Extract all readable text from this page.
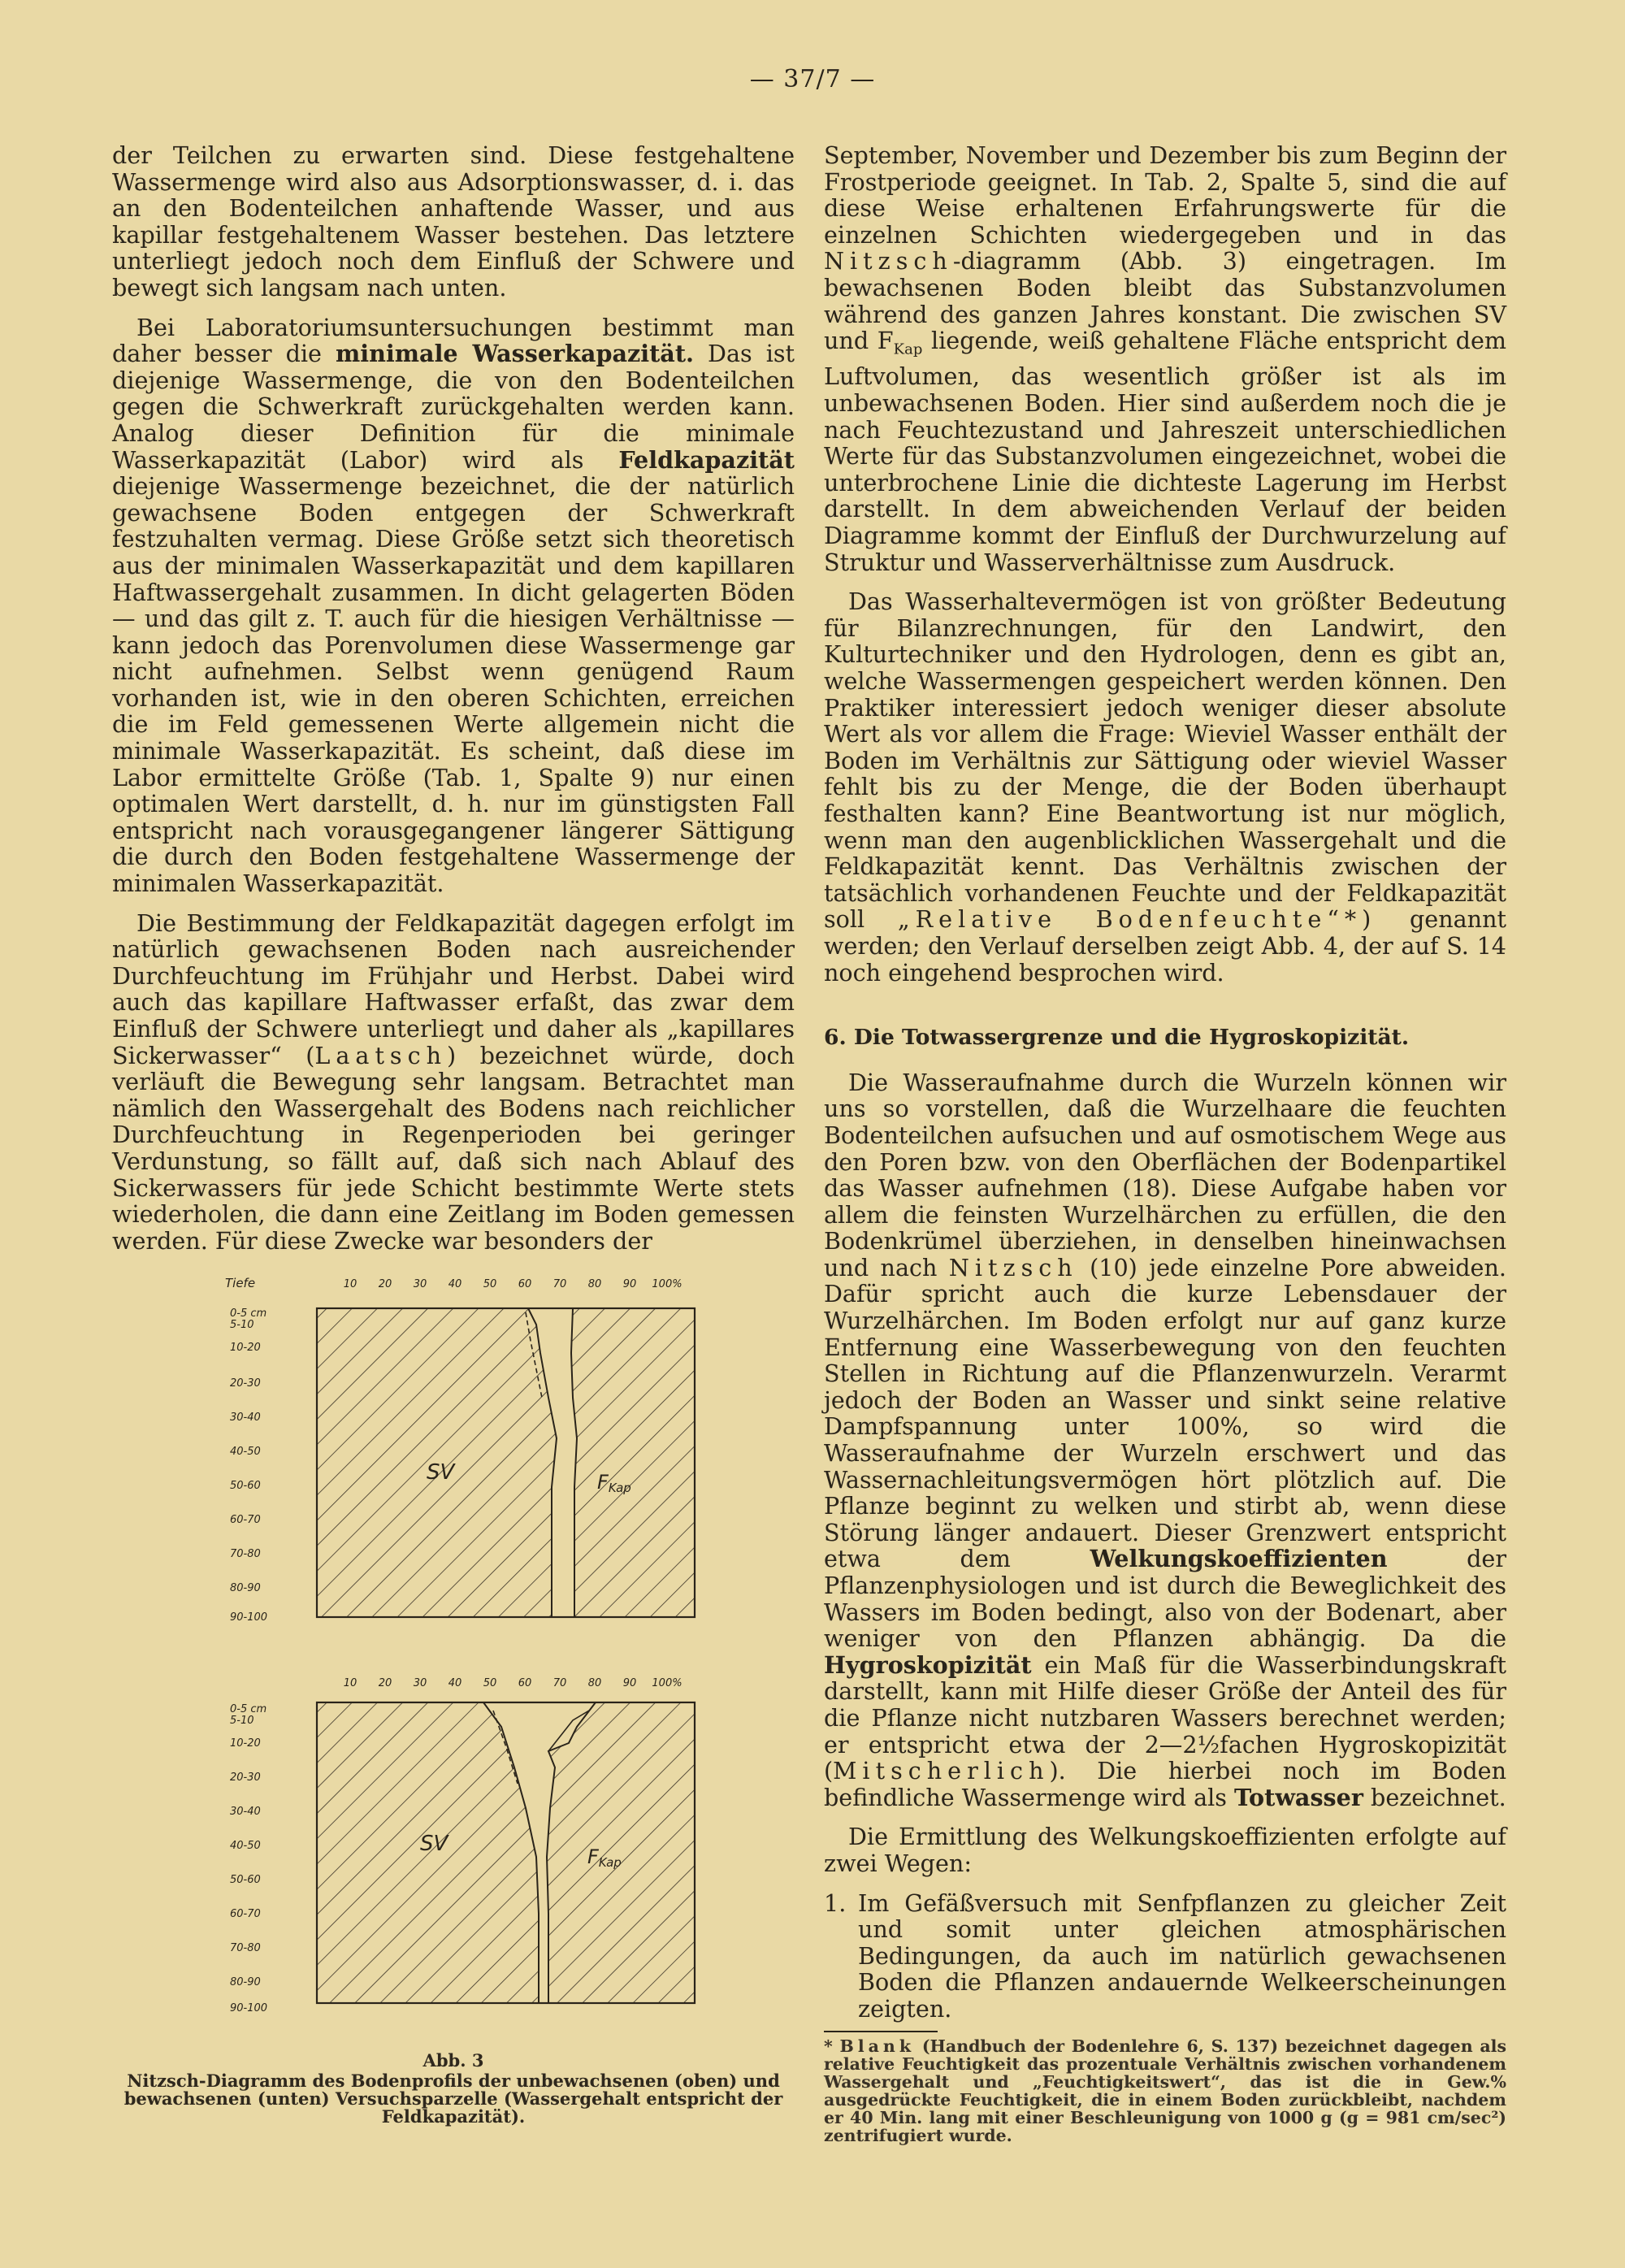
— 37/7 —

der Teilchen zu erwarten sind. Diese festgehaltene Wassermenge wird also aus Adsorptionswasser, d. i. das an den Bodenteilchen anhaftende Wasser, und aus kapillar festgehaltenem Wasser bestehen. Das letztere unterliegt jedoch noch dem Einfluß der Schwere und bewegt sich langsam nach unten.

Bei Laboratoriumsuntersuchungen bestimmt man daher besser die minimale Wasserkapazität. Das ist diejenige Wassermenge, die von den Bodenteilchen gegen die Schwerkraft zurückgehalten werden kann. Analog dieser Definition für die minimale Wasserkapazität (Labor) wird als Feldkapazität diejenige Wassermenge bezeichnet, die der natürlich gewachsene Boden entgegen der Schwerkraft festzuhalten vermag. Diese Größe setzt sich theoretisch aus der minimalen Wasserkapazität und dem kapillaren Haftwassergehalt zusammen. In dicht gelagerten Böden — und das gilt z. T. auch für die hiesigen Verhältnisse — kann jedoch das Porenvolumen diese Wassermenge gar nicht aufnehmen. Selbst wenn genügend Raum vorhanden ist, wie in den oberen Schichten, erreichen die im Feld gemessenen Werte allgemein nicht die minimale Wasserkapazität. Es scheint, daß diese im Labor ermittelte Größe (Tab. 1, Spalte 9) nur einen optimalen Wert darstellt, d. h. nur im günstigsten Fall entspricht nach vorausgegangener längerer Sättigung die durch den Boden festgehaltene Wassermenge der minimalen Wasserkapazität.

Die Bestimmung der Feldkapazität dagegen erfolgt im natürlich gewachsenen Boden nach ausreichender Durchfeuchtung im Frühjahr und Herbst. Dabei wird auch das kapillare Haftwasser erfaßt, das zwar dem Einfluß der Schwere unterliegt und daher als „kapillares Sickerwasser“ (Laatsch) bezeichnet würde, doch verläuft die Bewegung sehr langsam. Betrachtet man nämlich den Wassergehalt des Bodens nach reichlicher Durchfeuchtung in Regenperioden bei geringer Verdunstung, so fällt auf, daß sich nach Ablauf des Sickerwassers für jede Schicht bestimmte Werte stets wiederholen, die dann eine Zeitlang im Boden gemessen werden. Für diese Zwecke war besonders der

Tiefe	10 20 30 40 50 60 70 80 90 100%
0-5 cm
5-10
10-20
20-30
30-40
40-50
50-60
60-70
70-80
80-90
90-100
SV	FKap
10 20 30 40 50 60 70 80 90 100%
0-5 cm
5-10
10-20
20-30
30-40
40-50
50-60
60-70
70-80
80-90
90-100
SV
FKap
Abb. 3
Nitzsch-Diagramm des Bodenprofils der unbewachsenen (oben) und bewachsenen (unten) Versuchsparzelle (Wassergehalt entspricht der Feldkapazität).

September, November und Dezember bis zum Beginn der Frostperiode geeignet. In Tab. 2, Spalte 5, sind die auf diese Weise erhaltenen Erfahrungswerte für die einzelnen Schichten wiedergegeben und in das Nitzsch-diagramm (Abb. 3) eingetragen. Im bewachsenen Boden bleibt das Substanzvolumen während des ganzen Jahres konstant. Die zwischen SV und $F_{Kap}$ liegende, weiß gehaltene Fläche entspricht dem Luftvolumen, das wesentlich größer ist als im unbewachsenen Boden. Hier sind außerdem noch die je nach Feuchtezustand und Jahreszeit unterschiedlichen Werte für das Substanzvolumen eingezeichnet, wobei die unterbrochene Linie die dichteste Lagerung im Herbst darstellt. In dem abweichenden Verlauf der beiden Diagramme kommt der Einfluß der Durchwurzelung auf Struktur und Wasserverhältnisse zum Ausdruck.

Das Wasserhaltevermögen ist von größter Bedeutung für Bilanzrechnungen, für den Landwirt, den Kulturtechniker und den Hydrologen, denn es gibt an, welche Wassermengen gespeichert werden können. Den Praktiker interessiert jedoch weniger dieser absolute Wert als vor allem die Frage: Wieviel Wasser enthält der Boden im Verhältnis zur Sättigung oder wieviel Wasser fehlt bis zu der Menge, die der Boden überhaupt festhalten kann? Eine Beantwortung ist nur möglich, wenn man den augenblicklichen Wassergehalt und die Feldkapazität kennt. Das Verhältnis zwischen der tatsächlich vorhandenen Feuchte und der Feldkapazität soll „Relative Bodenfeuchte“*) genannt werden; den Verlauf derselben zeigt Abb. 4, der auf S. 14 noch eingehend besprochen wird.

6. Die Totwassergrenze und die Hygroskopizität.

Die Wasseraufnahme durch die Wurzeln können wir uns so vorstellen, daß die Wurzelhaare die feuchten Bodenteilchen aufsuchen und auf osmotischem Wege aus den Poren bzw. von den Oberflächen der Bodenpartikel das Wasser aufnehmen (18). Diese Aufgabe haben vor allem die feinsten Wurzelhärchen zu erfüllen, die den Bodenkrümel überziehen, in denselben hineinwachsen und nach Nitzsch (10) jede einzelne Pore abweiden. Dafür spricht auch die kurze Lebensdauer der Wurzelhärchen. Im Boden erfolgt nur auf ganz kurze Entfernung eine Wasserbewegung von den feuchten Stellen in Richtung auf die Pflanzenwurzeln. Verarmt jedoch der Boden an Wasser und sinkt seine relative Dampfspannung unter 100%, so wird die Wasseraufnahme der Wurzeln erschwert und das Wassernachleitungsvermögen hört plötzlich auf. Die Pflanze beginnt zu welken und stirbt ab, wenn diese Störung länger andauert. Dieser Grenzwert entspricht etwa dem	Welkungskoeffizienten	der Pflanzenphysiologen und ist durch die Beweglichkeit des Wassers im Boden bedingt, also von der Bodenart, aber weniger von den Pflanzen abhängig. Da die Hygroskopizität ein Maß für die Wasserbindungskraft darstellt, kann mit Hilfe dieser Größe der Anteil des für die Pflanze nicht nutzbaren Wassers berechnet werden; er entspricht etwa der 2—2½fachen Hygroskopizität (Mitscherlich). Die hierbei noch im Boden befindliche Wassermenge wird als Totwasser bezeichnet.

Die Ermittlung des Welkungskoeffizienten erfolgte auf zwei Wegen:

1. Im Gefäßversuch mit Senfpflanzen zu gleicher Zeit und somit unter gleichen atmosphärischen Bedingungen, da auch im natürlich gewachsenen Boden die Pflanzen andauernde Welkeerscheinungen zeigten.
* Blank (Handbuch der Bodenlehre 6, S. 137) bezeichnet dagegen als relative Feuchtigkeit das prozentuale Verhältnis zwischen vorhandenem Wassergehalt und „Feuchtigkeitswert“, das ist die in Gew.% ausgedrückte Feuchtigkeit, die in einem Boden zurückbleibt, nachdem er 40 Min. lang mit einer Beschleunigung von 1000 g (g = 981 cm/sec²) zentrifugiert wurde.
